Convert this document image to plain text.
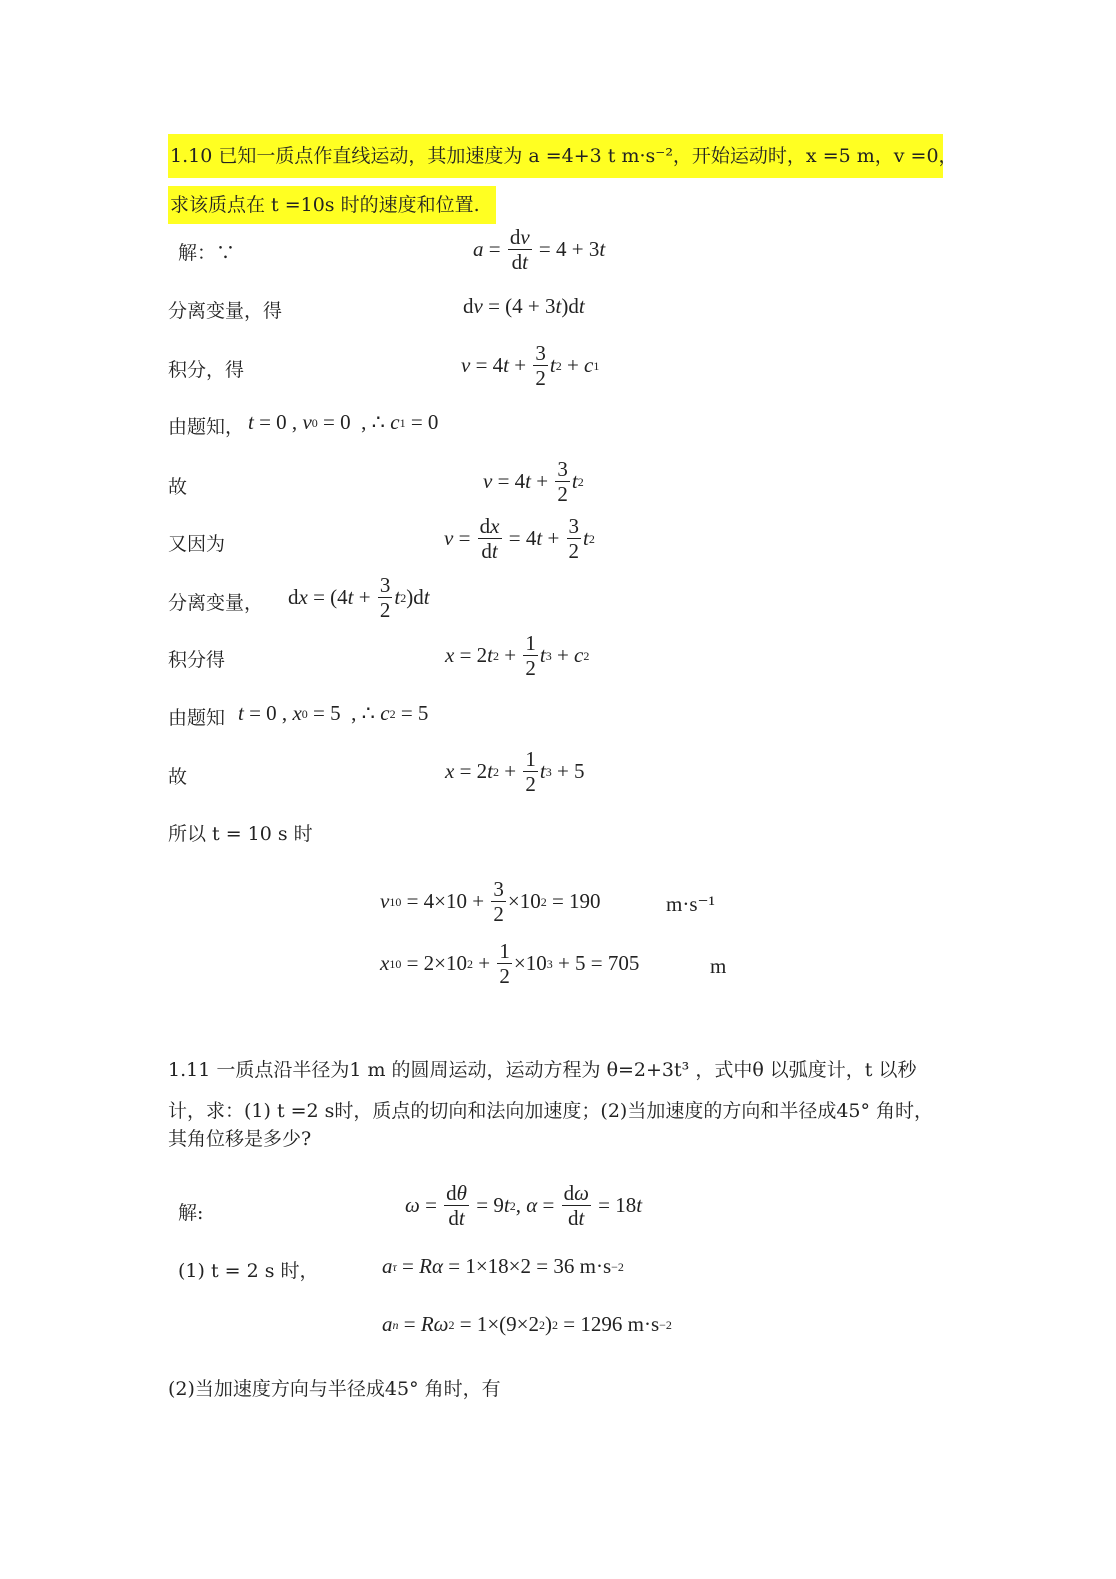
1.10 已知一质点作直线运动，其加速度为 a =4+3 t m·s⁻²，开始运动时，x =5 m，v =0，
求该质点在 t =10s 时的速度和位置.
解：∵
分离变量，得
积分，得
由题知，
故
又因为
分离变量，
积分得
由题知
故
所以 t = 10 s 时
$a = \frac{dv}{dt} = 4 + 3$ t
d v = (4 + 3 t )d t
v = 4 $t + \frac{3}{2}$ t 2 + c 1
t = 0 , v 0 = 0  , ∴ c 1 = 0
v = 4 $t + \frac{3}{2}$ t 2
$v = \frac{dx}{dt} = 4$ $t + \frac{3}{2}$ t 2
d x = (4 $t + \frac{3}{2}$ t 2 )d t
x = 2 t $2 + \frac{1}{2}$ t 3 + c 2
t = 0 , x 0 = 5  , ∴ c 2 = 5
x = 2 t $2 + \frac{1}{2}$ t 3 + 5
v $10 = 4\times 10 + \frac{3}{2} \times 10$ 2 = 190	m·s⁻¹
x 10 = 2×10 $2 + \frac{1}{2} \times 10$ 3 + 5 = 705	m
1.11 一质点沿半径为1 m 的圆周运动，运动方程为 θ=2+3t³ ，式中θ 以弧度计，t 以秒
计，求：(1) t =2 s时，质点的切向和法向加速度；(2)当加速度的方向和半径成45° 角时，
其角位移是多少?
解:	$\omega = \frac{d\theta}{dt} = 9$ t 2 , $\alpha = \frac{d\omega}{dt} = 18$ t
(1) t = 2 s 时，	a τ = Rα = 1×18×2 = 36 m·s −2
a n = Rω 2 = 1×(9×2 2 ) 2 = 1296 m·s −2
(2)当加速度方向与半径成45° 角时，有
